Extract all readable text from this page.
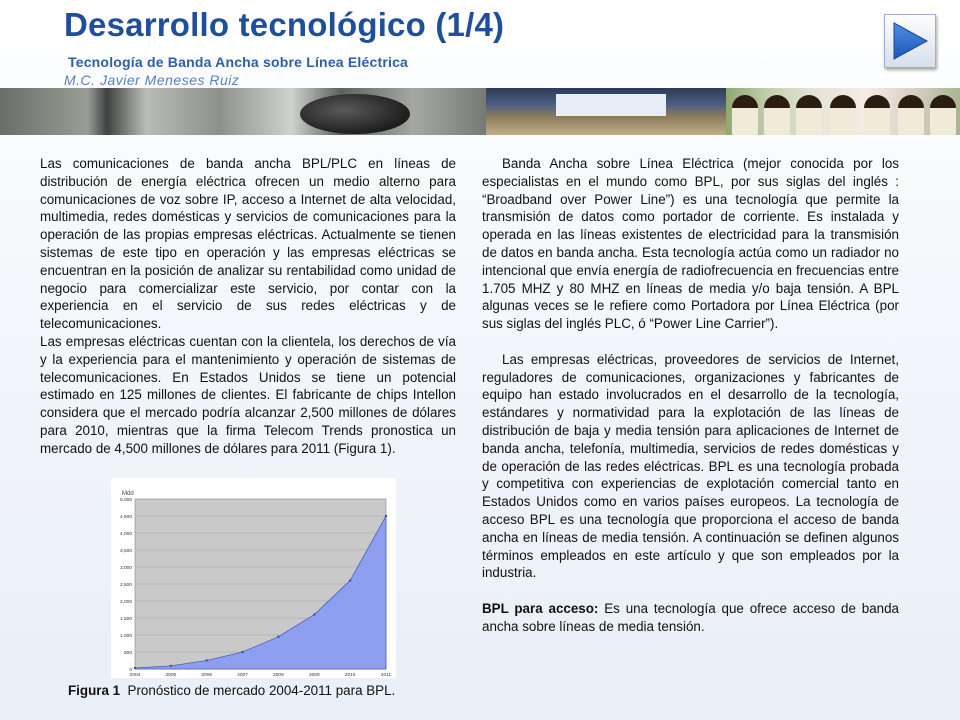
Desarrollo tecnológico (1/4)
Tecnología de Banda Ancha sobre Línea Eléctrica
M.C. Javier Meneses Ruiz

Las comunicaciones de banda ancha BPL/PLC en líneas de distribución de energía eléctrica ofrecen un medio alterno para comunicaciones de voz sobre IP, acceso a Internet de alta velocidad, multimedia, redes domésticas y servicios de comunicaciones para la operación de las propias empresas eléctricas. Actualmente se tienen sistemas de este tipo en operación y las empresas eléctricas se encuentran en la posición de analizar su rentabilidad como unidad de negocio para comercializar este servicio, por contar con la experiencia en el servicio de sus redes eléctricas y de telecomunicaciones.

Las empresas eléctricas cuentan con la clientela, los derechos de vía y la experiencia para el mantenimiento y operación de sistemas de telecomunicaciones. En Estados Unidos se tiene un potencial estimado en 125 millones de clientes. El fabricante de chips Intellon considera que el mercado podría alcanzar 2,500 millones de dólares para 2010, mientras que la firma Telecom Trends pronostica un mercado de 4,500 millones de dólares para 2011 (Figura 1).

Banda Ancha sobre Línea Eléctrica (mejor conocida por los especialistas en el mundo como BPL, por sus siglas del inglés : “Broadband over Power Line”) es una tecnología que permite la transmisión de datos como portador de corriente. Es instalada y operada en las líneas existentes de electricidad para la transmisión de datos en banda ancha. Esta tecnología actúa como un radiador no intencional que envía energía de radiofrecuencia en frecuencias entre 1.705 MHZ y 80 MHZ en líneas de media y/o baja tensión. A BPL algunas veces se le refiere como Portadora por Línea Eléctrica (por sus siglas del inglés PLC, ó “Power Line Carrier”).

Las empresas eléctricas, proveedores de servicios de Internet, reguladores de comunicaciones, organizaciones y fabricantes de equipo han estado involucrados en el desarrollo de la tecnología, estándares y normatividad para la explotación de las líneas de distribución de baja y media tensión para aplicaciones de Internet de banda ancha, telefonía, multimedia, servicios de redes domésticas y de operación de las redes eléctricas. BPL es una tecnología probada y competitiva con experiencias de explotación comercial tanto en Estados Unidos como en varios países europeos. La tecnología de acceso BPL es una tecnología que proporciona el acceso de banda ancha en líneas de media tensión. A continuación se definen algunos términos empleados en este artículo y que son empleados por la industria.

BPL para acceso: Es una tecnología que ofrece acceso de banda ancha sobre líneas de media tensión.

0
500
1,000
1,500
2,000
2,500
3,000
3,500
4,000
4,500
5,000
2004	2005	2006	2007	2008	2009	2010	2011
Mdd
Figura 1  Pronóstico de mercado 2004-2011 para BPL.
